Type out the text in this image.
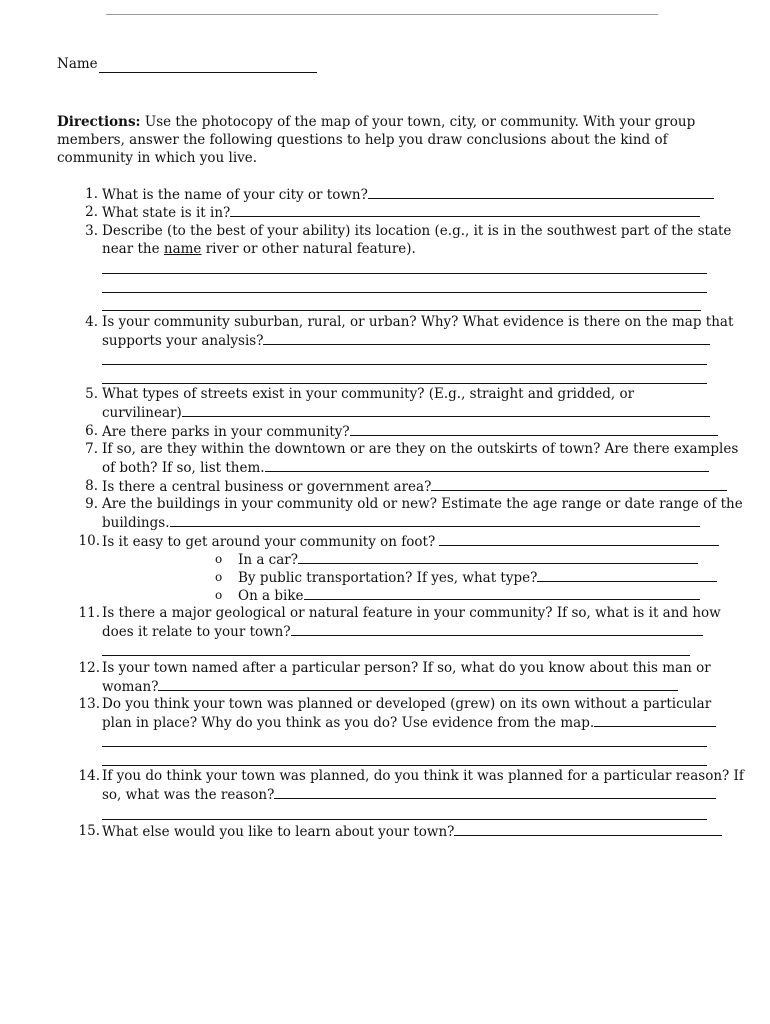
Name
Directions: Use the photocopy of the map of your town, city, or community. With your group members, answer the following questions to help you draw conclusions about the kind of community in which you live.
1. What is the name of your city or town?
2. What state is it in?
3. Describe (to the best of your ability) its location (e.g., it is in the southwest part of the state
near the name river or other natural feature).
4. Is your community suburban, rural, or urban? Why? What evidence is there on the map that
supports your analysis?
5. What types of streets exist in your community? (E.g., straight and gridded, or
curvilinear)
6. Are there parks in your community?
7. If so, are they within the downtown or are they on the outskirts of town? Are there examples
of both? If so, list them.
8. Is there a central business or government area?
9. Are the buildings in your community old or new? Estimate the age range or date range of the
buildings.
10. Is it easy to get around your community on foot?
o In a car?
o By public transportation? If yes, what type?
o On a bike
11. Is there a major geological or natural feature in your community? If so, what is it and how
does it relate to your town?
12. Is your town named after a particular person? If so, what do you know about this man or
woman?
13. Do you think your town was planned or developed (grew) on its own without a particular
plan in place? Why do you think as you do? Use evidence from the map.
14. If you do think your town was planned, do you think it was planned for a particular reason? If
so, what was the reason?
15. What else would you like to learn about your town?
